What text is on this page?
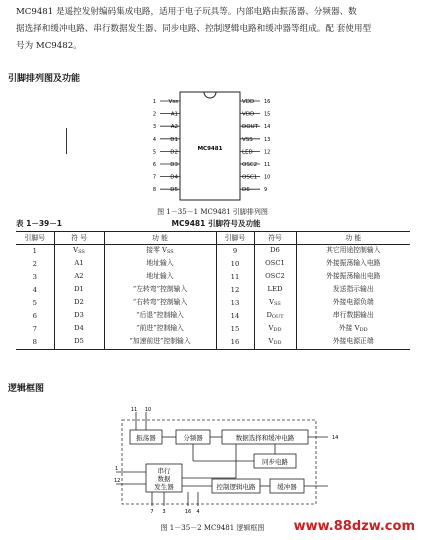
MC9481 是遥控发射编码集成电路，适用于电子玩具等。内部电路由振荡器、分频器、数

据选择和缓冲电路、串行数据发生器、同步电路、控制逻辑电路和缓冲器等组成。配 套使用型

号为 MC9482。

引脚排列图及功能
MC9481
Vss
1
A1
2
A2
3
D1
4
D2
5
D3
6
D4
7
D5
8
VDD 16
VDD 15
DOUT 14
VSS 13
LED 12
OSC2 11
OSC1 10
D6	9
图 1－35－1 MC9481 引脚排列图
表 1－39－1	MC9481 引脚符号及功能
引脚号	符 号	功 能	引脚号	符号	功 能
1	$V_{SS}$	接零 $V_{SS}$	9	D6	其它用途控制输入
2	A1	地址输入	10	OSC1	外接振荡输入电路
3	A2	地址输入	11	OSC2	外接振荡输出电路
4	D1	“左转弯”控制输入	12	LED	发送指示输出
5	D2	“右转弯”控制输入	13	$V_{SS}$	外接电源负端
6	D3	“后退”控制输入	14	$D_{OUT}$	串行数据输出
7	D4	“前进”控制输入	15	$V_{DD}$	外接 $V_{DD}$
8	D5	“加速前进”控制输入	16	$V_{DD}$	外接电源正端
逻辑框图
11 10
振荡器	分频器	数据选择和缓冲电路	14
同步电路
1
12
串行
数据
发生器	控制逻辑电路	缓冲器
7 3	16 4
图 1－35－2 MC9481 逻辑框图	www.88dzw.com
